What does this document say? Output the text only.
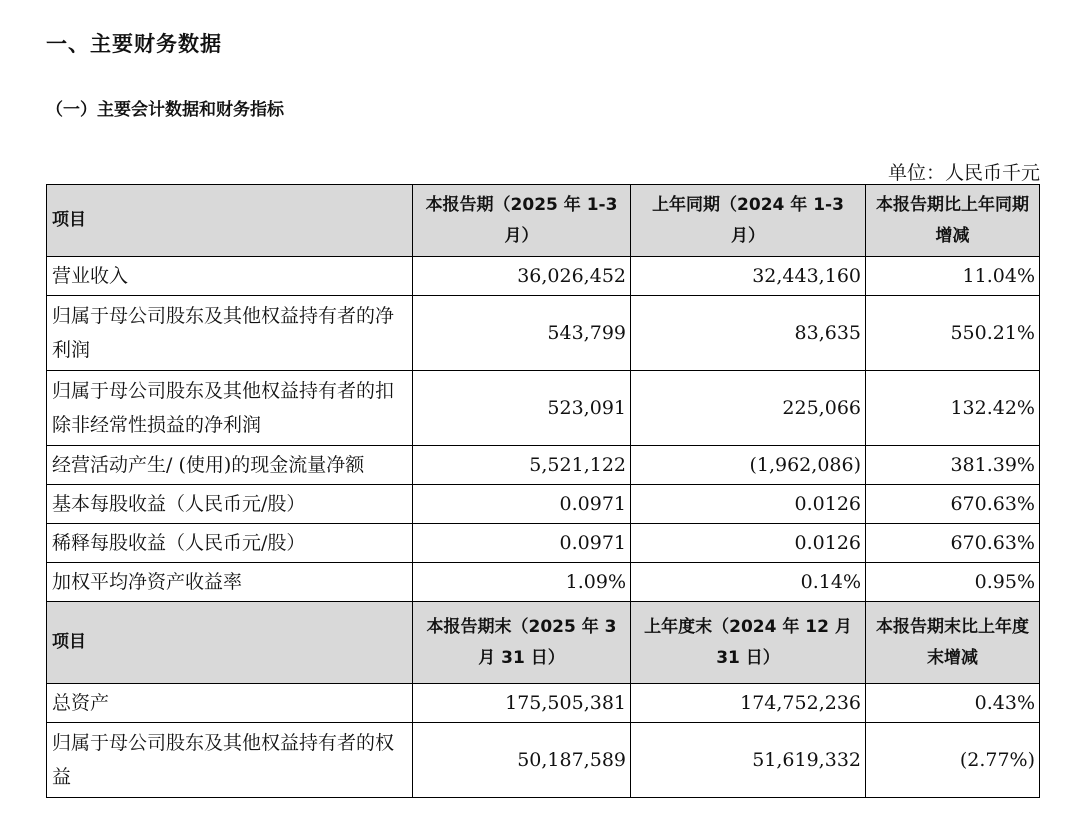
一、主要财务数据
（一）主要会计数据和财务指标
单位：人民币千元
项目	本报告期（2025 年 1-3 月）	上年同期（2024 年 1-3 月）	本报告期比上年同期增减
营业收入	36,026,452	32,443,160	11.04%
归属于母公司股东及其他权益持有者的净利润	543,799	83,635	550.21%
归属于母公司股东及其他权益持有者的扣除非经常性损益的净利润	523,091	225,066	132.42%
经营活动产生/ (使用)的现金流量净额	5,521,122	(1,962,086)	381.39%
基本每股收益（人民币元/股）	0.0971	0.0126	670.63%
稀释每股收益（人民币元/股）	0.0971	0.0126	670.63%
加权平均净资产收益率	1.09%	0.14%	0.95%
项目	本报告期末（2025 年 3 月 31 日）	上年度末（2024 年 12 月 31 日）	本报告期末比上年度末增减
总资产	175,505,381	174,752,236	0.43%
归属于母公司股东及其他权益持有者的权益	50,187,589	51,619,332	(2.77%)
